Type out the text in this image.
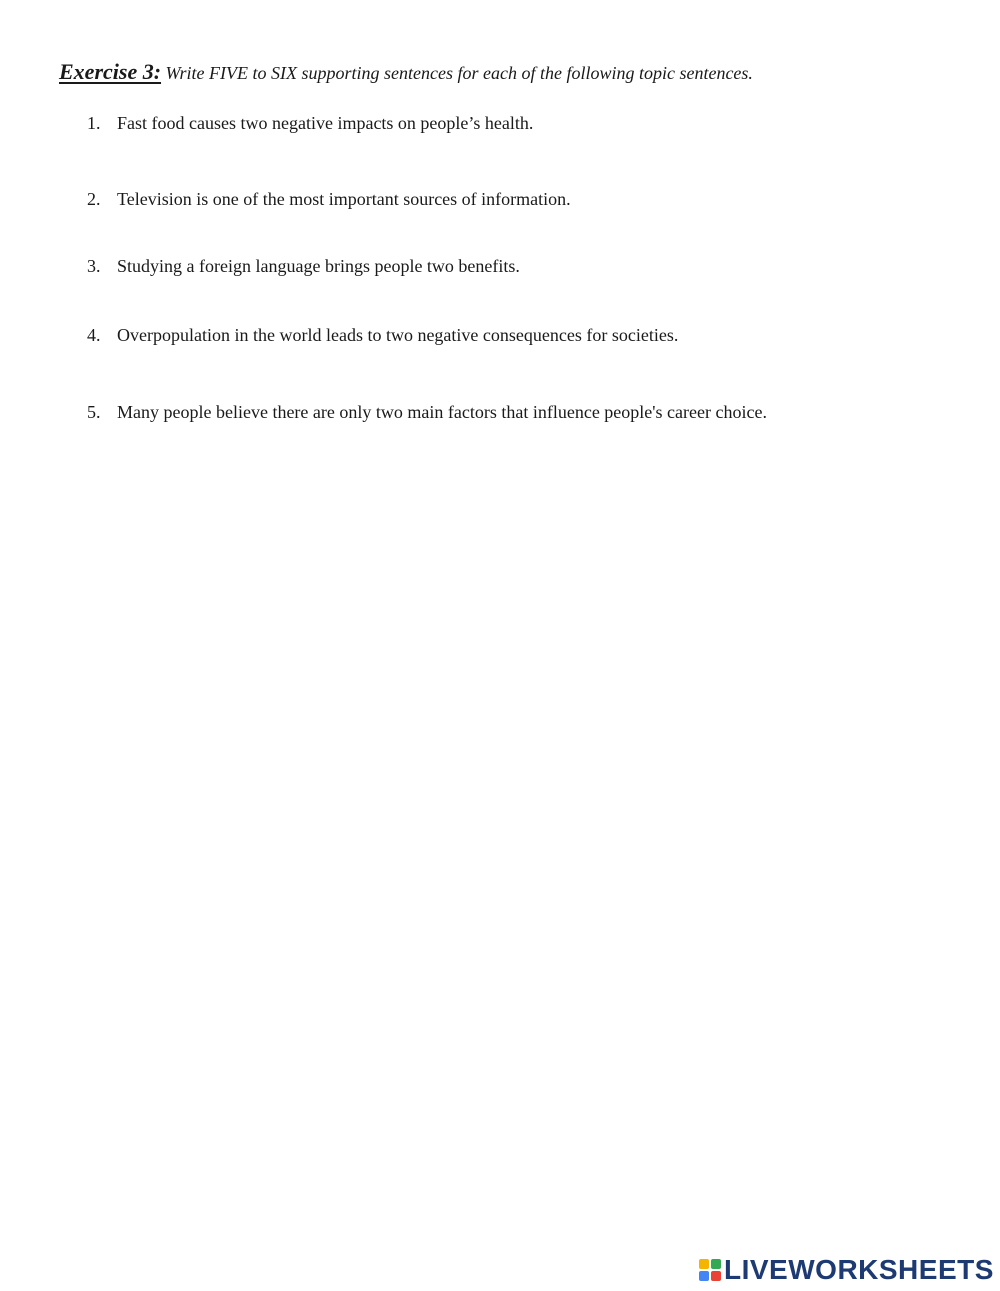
Exercise 3: Write FIVE to SIX supporting sentences for each of the following topic sentences.
1. Fast food causes two negative impacts on people’s health.
2. Television is one of the most important sources of information.
3. Studying a foreign language brings people two benefits.
4. Overpopulation in the world leads to two negative consequences for societies.
5. Many people believe there are only two main factors that influence people's career choice.
LIVEWORKSHEETS
